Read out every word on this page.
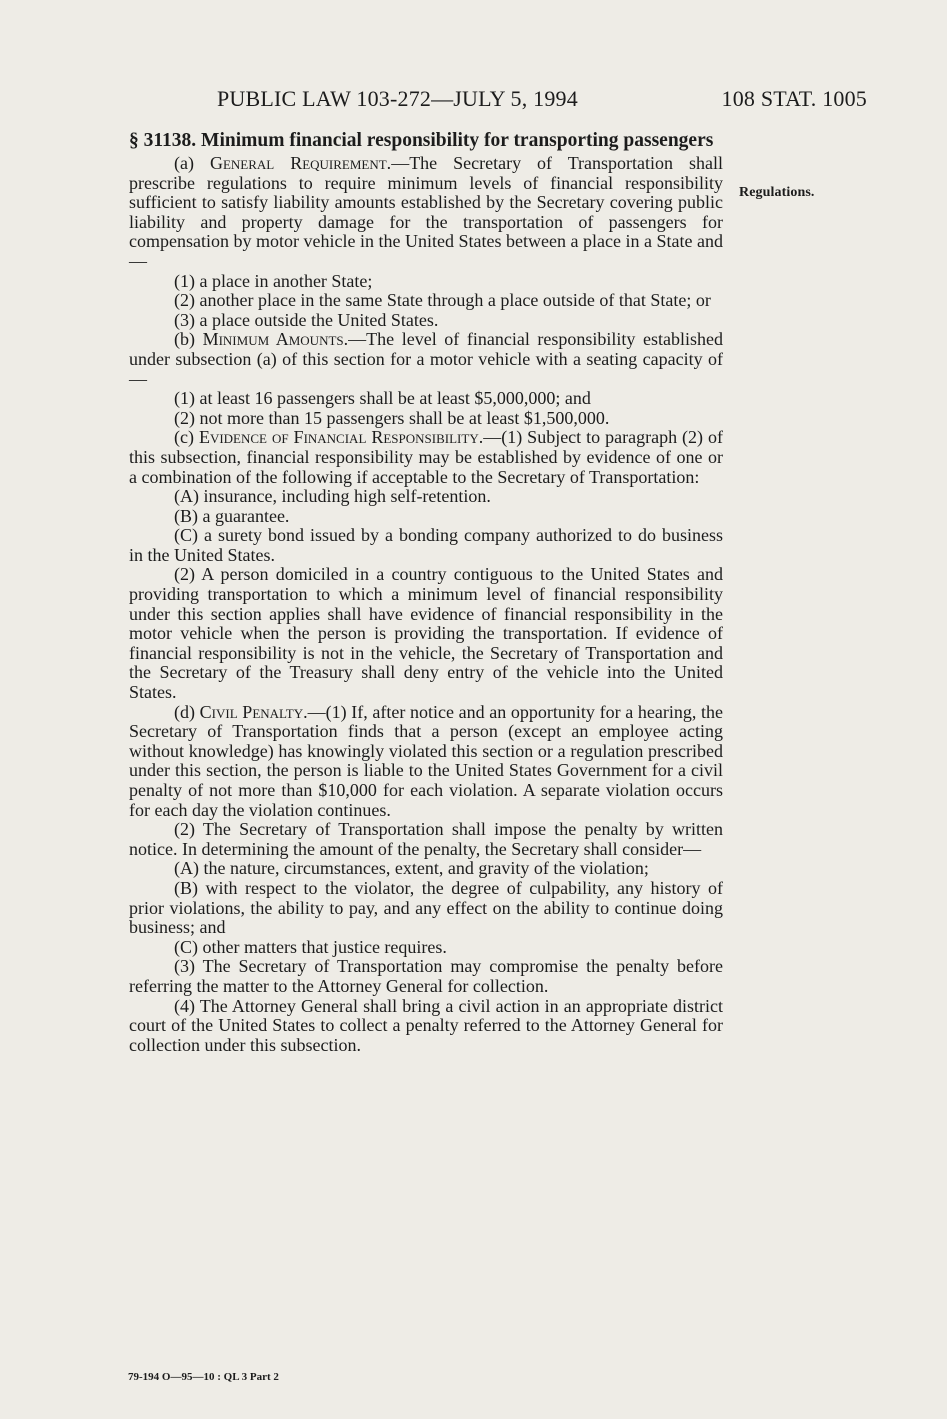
PUBLIC LAW 103-272—JULY 5, 1994	108 STAT. 1005
Regulations.

§ 31138. Minimum financial responsibility for transporting passengers

(a) General Requirement.—The Secretary of Transportation shall prescribe regulations to require minimum levels of financial responsibility sufficient to satisfy liability amounts established by the Secretary covering public liability and property damage for the transportation of passengers for compensation by motor vehicle in the United States between a place in a State and—

(1) a place in another State;

(2) another place in the same State through a place outside of that State; or

(3) a place outside the United States.

(b) Minimum Amounts.—The level of financial responsibility established under subsection (a) of this section for a motor vehicle with a seating capacity of—

(1) at least 16 passengers shall be at least $5,000,000; and

(2) not more than 15 passengers shall be at least $1,500,000.

(c) Evidence of Financial Responsibility.—(1) Subject to paragraph (2) of this subsection, financial responsibility may be established by evidence of one or a combination of the following if acceptable to the Secretary of Transportation:

(A) insurance, including high self-retention.

(B) a guarantee.

(C) a surety bond issued by a bonding company authorized to do business in the United States.

(2) A person domiciled in a country contiguous to the United States and providing transportation to which a minimum level of financial responsibility under this section applies shall have evidence of financial responsibility in the motor vehicle when the person is providing the transportation. If evidence of financial responsibility is not in the vehicle, the Secretary of Transportation and the Secretary of the Treasury shall deny entry of the vehicle into the United States.

(d) Civil Penalty.—(1) If, after notice and an opportunity for a hearing, the Secretary of Transportation finds that a person (except an employee acting without knowledge) has knowingly violated this section or a regulation prescribed under this section, the person is liable to the United States Government for a civil penalty of not more than $10,000 for each violation. A separate violation occurs for each day the violation continues.

(2) The Secretary of Transportation shall impose the penalty by written notice. In determining the amount of the penalty, the Secretary shall consider—

(A) the nature, circumstances, extent, and gravity of the violation;

(B) with respect to the violator, the degree of culpability, any history of prior violations, the ability to pay, and any effect on the ability to continue doing business; and

(C) other matters that justice requires.

(3) The Secretary of Transportation may compromise the penalty before referring the matter to the Attorney General for collection.

(4) The Attorney General shall bring a civil action in an appropriate district court of the United States to collect a penalty referred to the Attorney General for collection under this subsection.

79-194 O—95—10 : QL 3 Part 2
